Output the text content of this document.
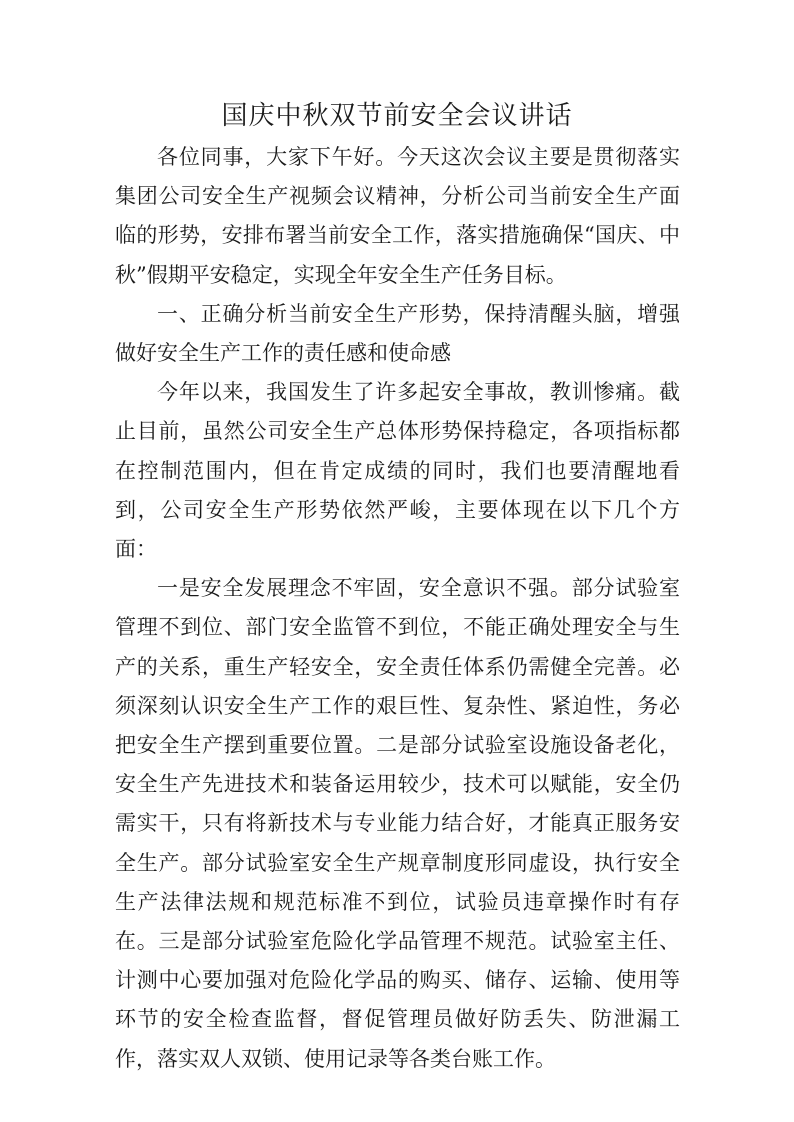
国庆中秋双节前安全会议讲话

各位同事，大家下午好。今天这次会议主要是贯彻落实集团公司安全生产视频会议精神，分析公司当前安全生产面临的形势，安排布署当前安全工作，落实措施确保“国庆、中秋”假期平安稳定，实现全年安全生产任务目标。

一、正确分析当前安全生产形势，保持清醒头脑，增强做好安全生产工作的责任感和使命感

今年以来，我国发生了许多起安全事故，教训惨痛。截止目前，虽然公司安全生产总体形势保持稳定，各项指标都在控制范围内，但在肯定成绩的同时，我们也要清醒地看到，公司安全生产形势依然严峻，主要体现在以下几个方面：

一是安全发展理念不牢固，安全意识不强。部分试验室管理不到位、部门安全监管不到位，不能正确处理安全与生产的关系，重生产轻安全，安全责任体系仍需健全完善。必须深刻认识安全生产工作的艰巨性、复杂性、紧迫性，务必把安全生产摆到重要位置。二是部分试验室设施设备老化，安全生产先进技术和装备运用较少，技术可以赋能，安全仍需实干，只有将新技术与专业能力结合好，才能真正服务安全生产。部分试验室安全生产规章制度形同虚设，执行安全生产法律法规和规范标准不到位，试验员违章操作时有存在。三是部分试验室危险化学品管理不规范。试验室主任、计测中心要加强对危险化学品的购买、储存、运输、使用等环节的安全检查监督，督促管理员做好防丢失、防泄漏工作，落实双人双锁、使用记录等各类台账工作。
